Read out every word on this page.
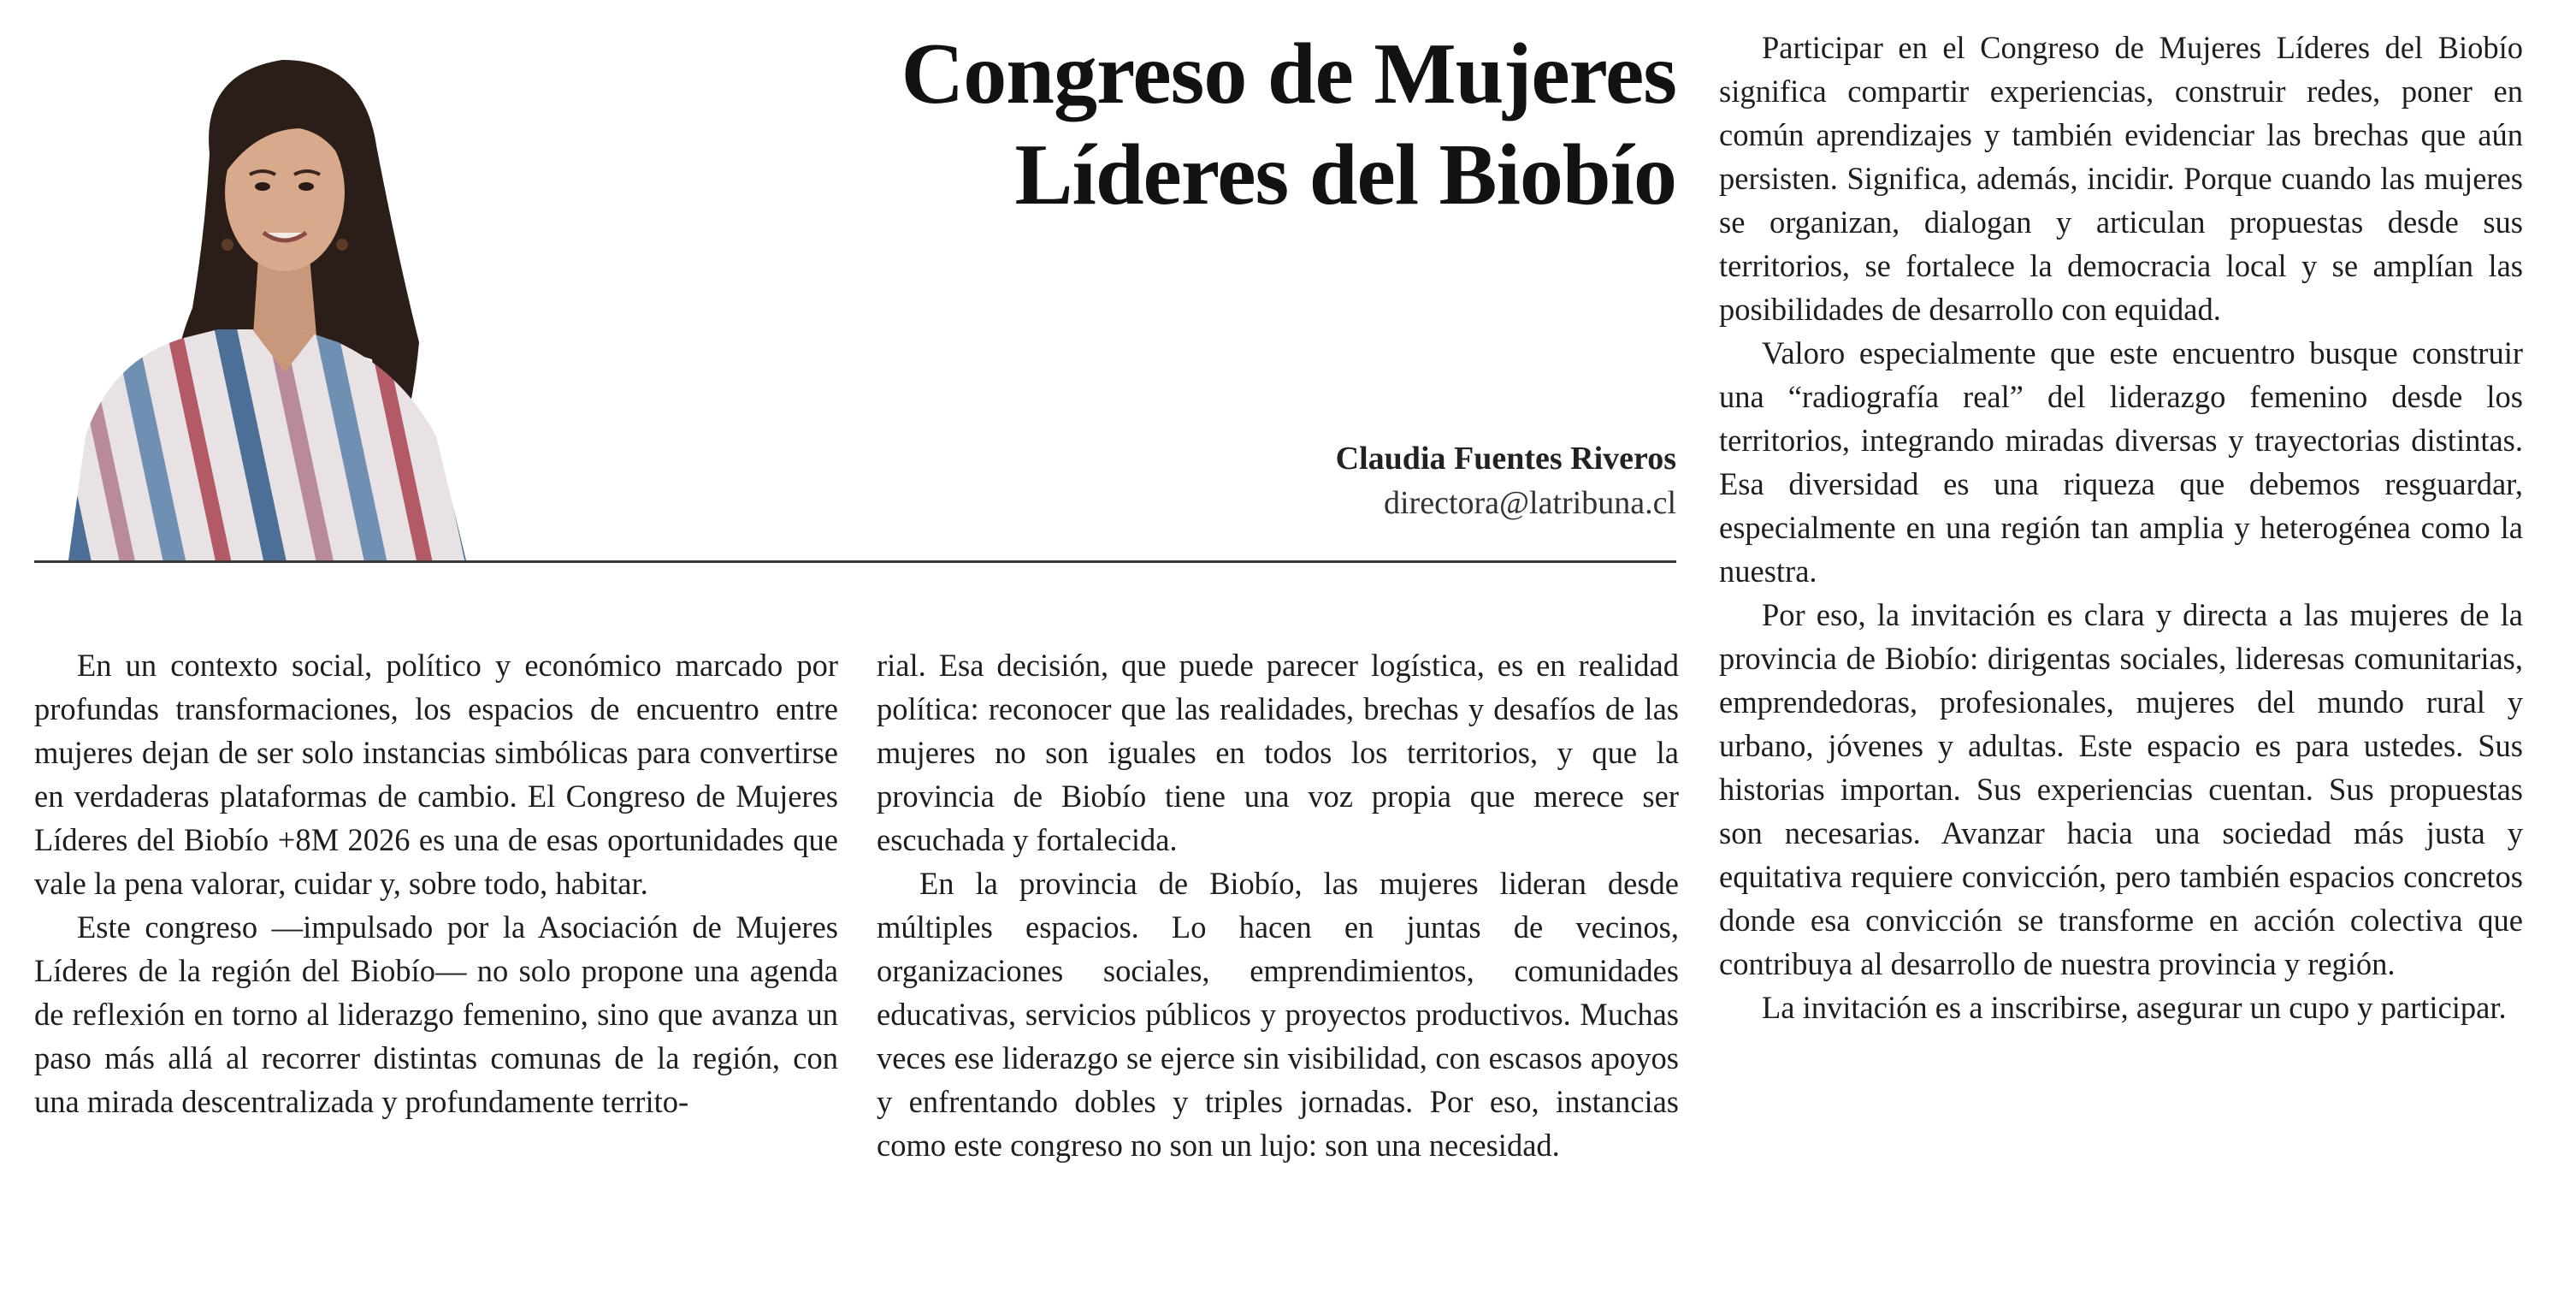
Congreso de Mujeres
Líderes del Biobío
Claudia Fuentes Riveros
directora@latribuna.cl

En un contexto social, político y económico marcado por profundas transformaciones, los espacios de encuentro entre mujeres dejan de ser solo instancias simbólicas para convertirse en verdaderas plataformas de cambio. El Congreso de Mujeres Líderes del Biobío +8M 2026 es una de esas oportunidades que vale la pena valorar, cuidar y, sobre todo, habitar.

Este congreso —impulsado por la Asociación de Mujeres Líderes de la región del Biobío— no solo propone una agenda de reflexión en torno al liderazgo femenino, sino que avanza un paso más allá al recorrer distintas comunas de la región, con una mirada descentralizada y profundamente territo-

rial. Esa decisión, que puede parecer logística, es en realidad política: reconocer que las realidades, brechas y desafíos de las mujeres no son iguales en todos los territorios, y que la provincia de Biobío tiene una voz propia que merece ser escuchada y fortalecida.

En la provincia de Biobío, las mujeres lideran desde múltiples espacios. Lo hacen en juntas de vecinos, organizaciones sociales, emprendimientos, comunidades educativas, servicios públicos y proyectos productivos. Muchas veces ese liderazgo se ejerce sin visibilidad, con escasos apoyos y enfrentando dobles y triples jornadas. Por eso, instancias como este congreso no son un lujo: son una necesidad.

Participar en el Congreso de Mujeres Líderes del Biobío significa compartir experiencias, construir redes, poner en común aprendizajes y también evidenciar las brechas que aún persisten. Significa, además, incidir. Porque cuando las mujeres se organizan, dialogan y articulan propuestas desde sus territorios, se fortalece la democracia local y se amplían las posibilidades de desarrollo con equidad.

Valoro especialmente que este encuentro busque construir una “radiografía real” del liderazgo femenino desde los territorios, integrando miradas diversas y trayectorias distintas. Esa diversidad es una riqueza que debemos resguardar, especialmente en una región tan amplia y heterogénea como la nuestra.

Por eso, la invitación es clara y directa a las mujeres de la provincia de Biobío: dirigentas sociales, lideresas comunitarias, emprendedoras, profesionales, mujeres del mundo rural y urbano, jóvenes y adultas. Este espacio es para ustedes. Sus historias importan. Sus experiencias cuentan. Sus propuestas son necesarias. Avanzar hacia una sociedad más justa y equitativa requiere convicción, pero también espacios concretos donde esa convicción se transforme en acción colectiva que contribuya al desarrollo de nuestra provincia y región.

La invitación es a inscribirse, asegurar un cupo y participar.
